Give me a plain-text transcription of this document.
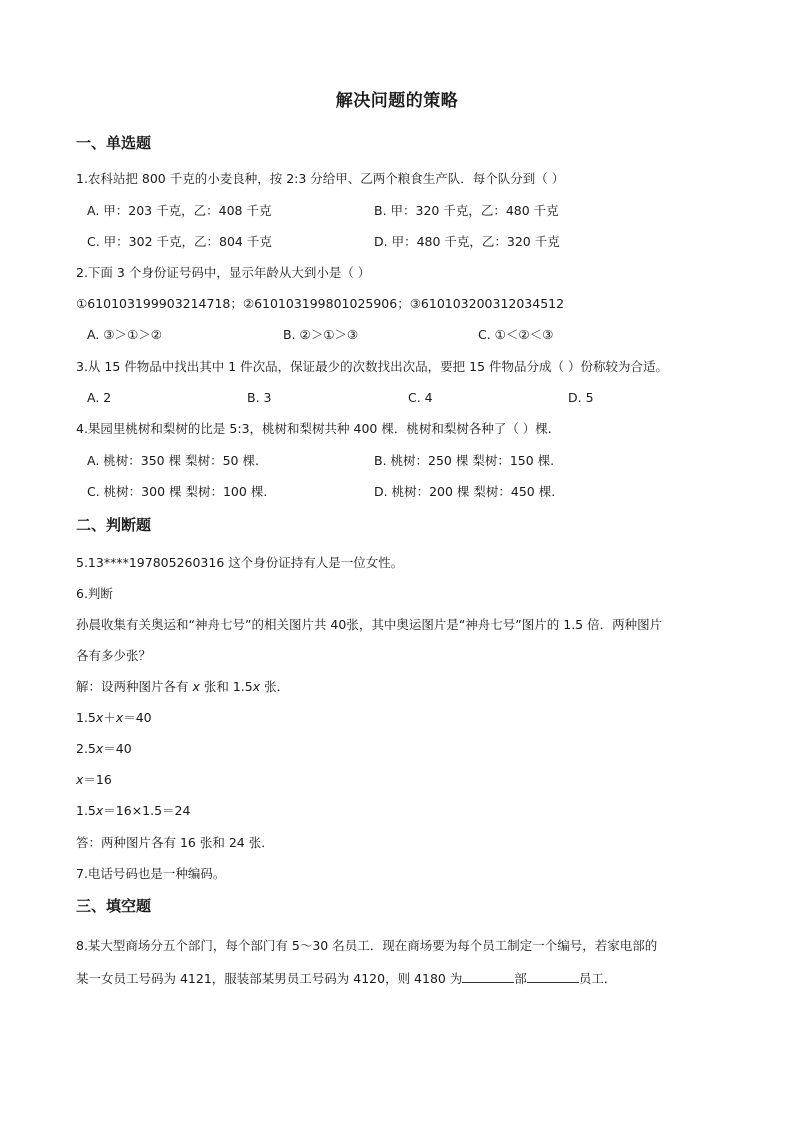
解决问题的策略
一、单选题
1.农科站把 800 千克的小麦良种，按 2:3 分给甲、乙两个粮食生产队．每个队分到（ ）
A. 甲：203 千克，乙：408 千克	B. 甲：320 千克，乙：480 千克
C. 甲：302 千克，乙：804 千克	D. 甲：480 千克，乙：320 千克
2.下面 3 个身份证号码中，显示年龄从大到小是（ ）
①610103199903214718；②610103199801025906；③610103200312034512
A. ③＞①＞②	B. ②＞①＞③	C. ①＜②＜③
3.从 15 件物品中找出其中 1 件次品，保证最少的次数找出次品，要把 15 件物品分成（ ）份称较为合适。
A. 2	B. 3	C. 4	D. 5
4.果园里桃树和梨树的比是 5:3，桃树和梨树共种 400 棵．桃树和梨树各种了（ ）棵.
A. 桃树：350 棵 梨树：50 棵.	B. 桃树：250 棵 梨树：150 棵.
C. 桃树：300 棵 梨树：100 棵.	D. 桃树：200 棵 梨树：450 棵.
二、判断题
5.13****197805260316 这个身份证持有人是一位女性。
6.判断
孙晨收集有关奥运和“神舟七号”的相关图片共 40张，其中奥运图片是“神舟七号”图片的 1.5 倍．两种图片
各有多少张？
解：设两种图片各有 x 张和 1.5x 张．
1.5x＋x＝40
2.5x＝40
x＝16
1.5x＝16×1.5＝24
答：两种图片各有 16 张和 24 张．
7.电话号码也是一种编码。
三、填空题
8.某大型商场分五个部门，每个部门有 5～30 名员工．现在商场要为每个员工制定一个编号，若家电部的
某一女员工号码为 4121，服装部某男员工号码为 4120，则 4180 为	部	员工．
